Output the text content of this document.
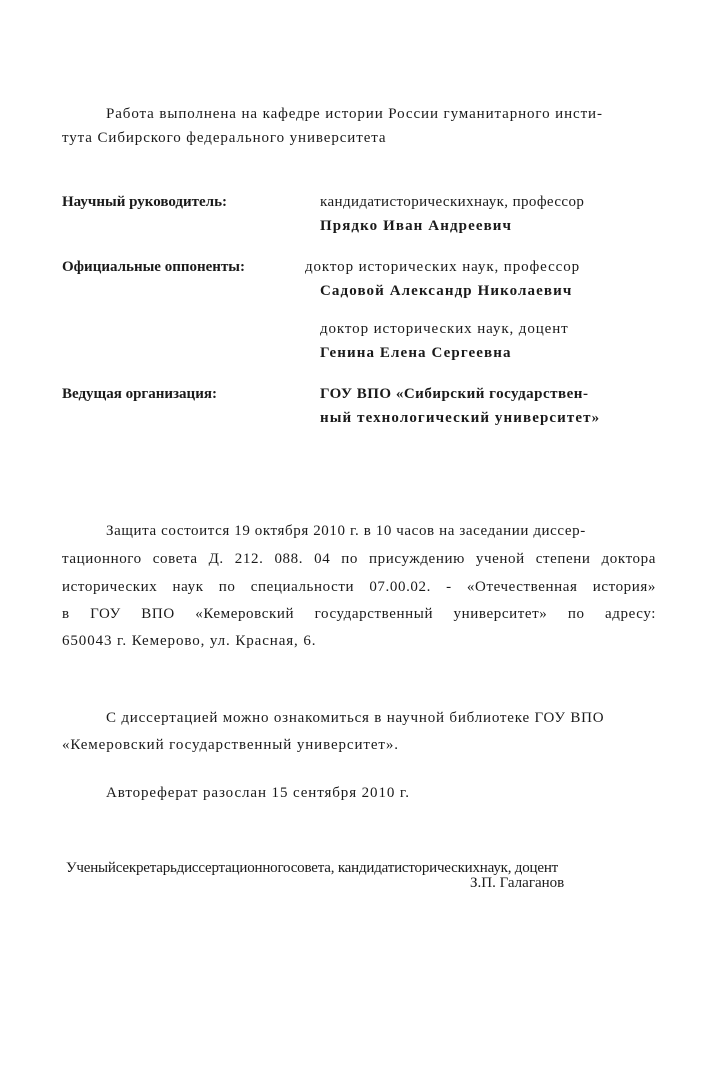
Работа выполнена на кафедре истории России гуманитарного инсти-
тута Сибирского федерального университета
Научный руководитель:	кандидатисторическихнаук, профессор
Прядко Иван Андреевич
Официальные оппоненты:	доктор исторических наук, профессор
Садовой Александр Николаевич
доктор исторических наук, доцент
Генина Елена Сергеевна
Ведущая организация:	ГОУ ВПО «Сибирский государствен-
ный технологический университет»
Защита состоится 19 октября 2010 г. в 10 часов на заседании диссер-
тационного совета Д. 212. 088. 04 по присуждению ученой степени доктора
исторических наук по специальности 07.00.02. - «Отечественная история»
в ГОУ ВПО «Кемеровский государственный университет» по адресу:
650043 г. Кемерово, ул. Красная, 6.
С диссертацией можно ознакомиться в научной библиотеке ГОУ ВПО
«Кемеровский государственный университет».
Автореферат разослан 15 сентября 2010 г.
Ученыйсекретарьдиссертационногосовета, кандидатисторическихнаук, доцент
З.П. Галаганов
